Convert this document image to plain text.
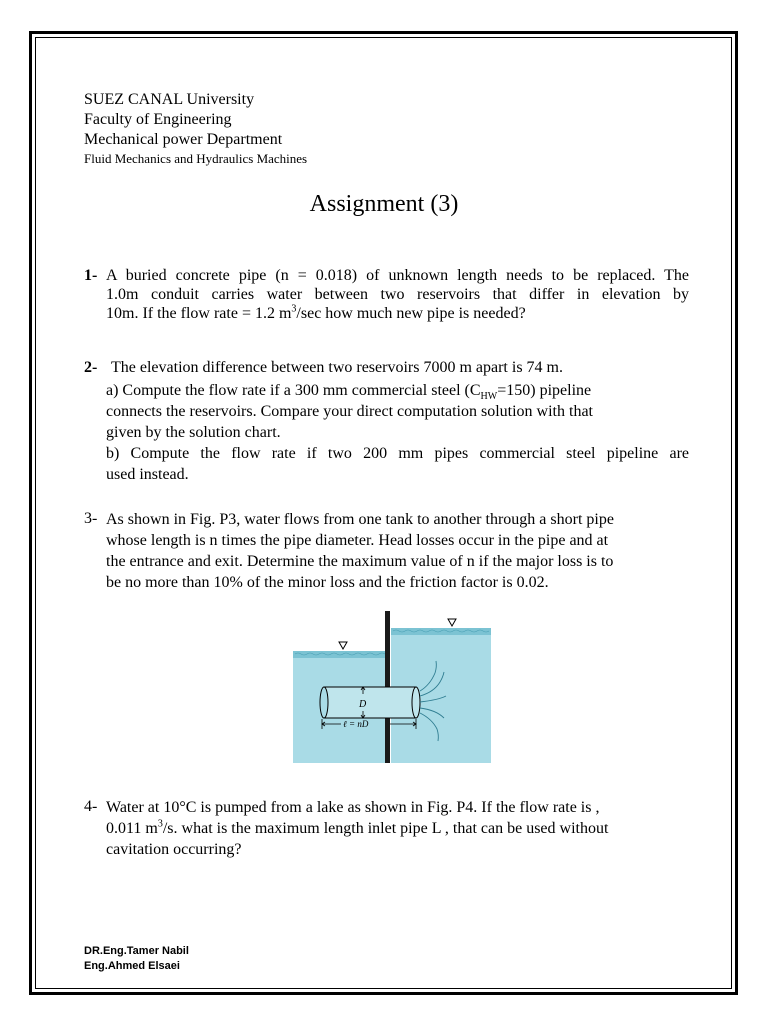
SUEZ CANAL University
Faculty of Engineering
Mechanical power Department
Fluid Mechanics and Hydraulics Machines
Assignment (3)
1- A buried concrete pipe (n = 0.018) of unknown length needs to be replaced. The
1.0m conduit carries water between two reservoirs that differ in elevation by
10m. If the flow rate = 1.2 $m^3/\sec$ how much new pipe is needed?
2- The elevation difference between two reservoirs 7000 m apart is 74 m.
a) Compute the flow rate if a 300 mm commercial steel $(C_{HW}=150)$ pipeline
connects the reservoirs. Compare your direct computation solution with that
given by the solution chart.
b) Compute the flow rate if two 200 mm pipes commercial steel pipeline are
used instead.
3- As shown in Fig. P3, water flows from one tank to another through a short pipe
whose length is n times the pipe diameter. Head losses occur in the pipe and at
the entrance and exit. Determine the maximum value of n if the major loss is to
be no more than 10% of the minor loss and the friction factor is 0.02.
D
ℓ = nD
4- Water at 10°C is pumped from a lake as shown in Fig. P4. If the flow rate is ,
0.011 $m^3/s$. what is the maximum length inlet pipe L , that can be used without
cavitation occurring?
DR.Eng.Tamer Nabil
Eng.Ahmed Elsaei
